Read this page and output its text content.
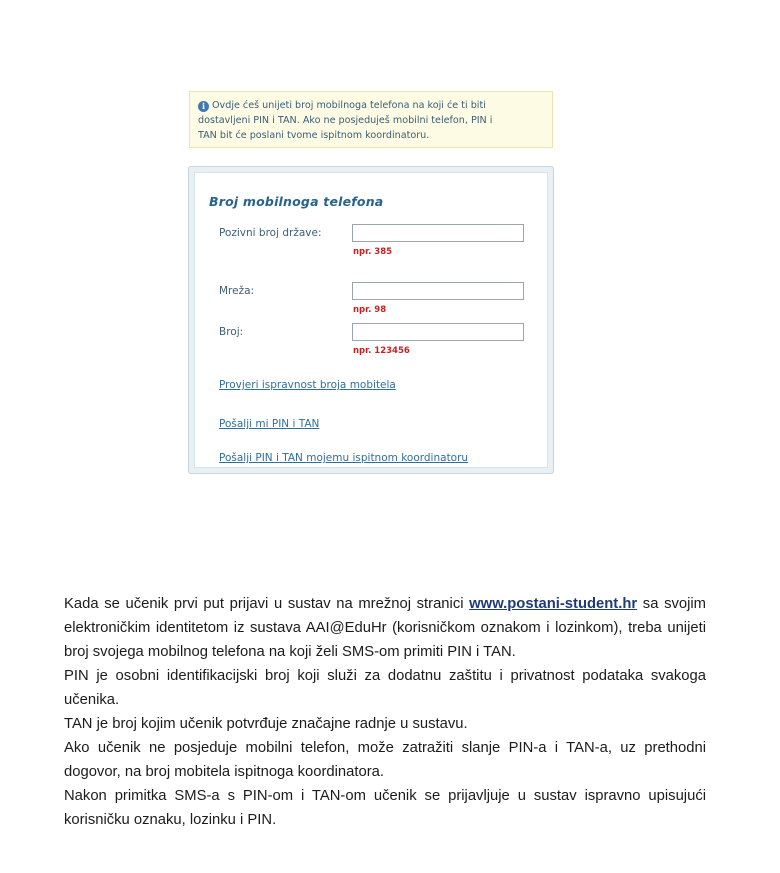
i Ovdje ćeš unijeti broj mobilnoga telefona na koji će ti biti
dostavljeni PIN i TAN. Ako ne posjeduješ mobilni telefon, PIN i
TAN bit će poslani tvome ispitnom koordinatoru.
Broj mobilnoga telefona
Pozivni broj države:
npr. 385
Mreža:
npr. 98
Broj:
npr. 123456
Provjeri ispravnost broja mobitela
Pošalji mi PIN i TAN
Pošalji PIN i TAN mojemu ispitnom koordinatoru

Kada se učenik prvi put prijavi u sustav na mrežnoj stranici www.postani-student.hr sa svojim elektroničkim identitetom iz sustava AAI@EduHr (korisničkom oznakom i lozinkom), treba unijeti broj svojega mobilnog telefona na koji želi SMS-om primiti PIN i TAN.

PIN je osobni identifikacijski broj koji služi za dodatnu zaštitu i privatnost podataka svakoga učenika.

TAN je broj kojim učenik potvrđuje značajne radnje u sustavu.

Ako učenik ne posjeduje mobilni telefon, može zatražiti slanje PIN-a i TAN-a, uz prethodni dogovor, na broj mobitela ispitnoga koordinatora.

Nakon primitka SMS-a s PIN-om i TAN-om učenik se prijavljuje u sustav ispravno upisujući korisničku oznaku, lozinku i PIN.
